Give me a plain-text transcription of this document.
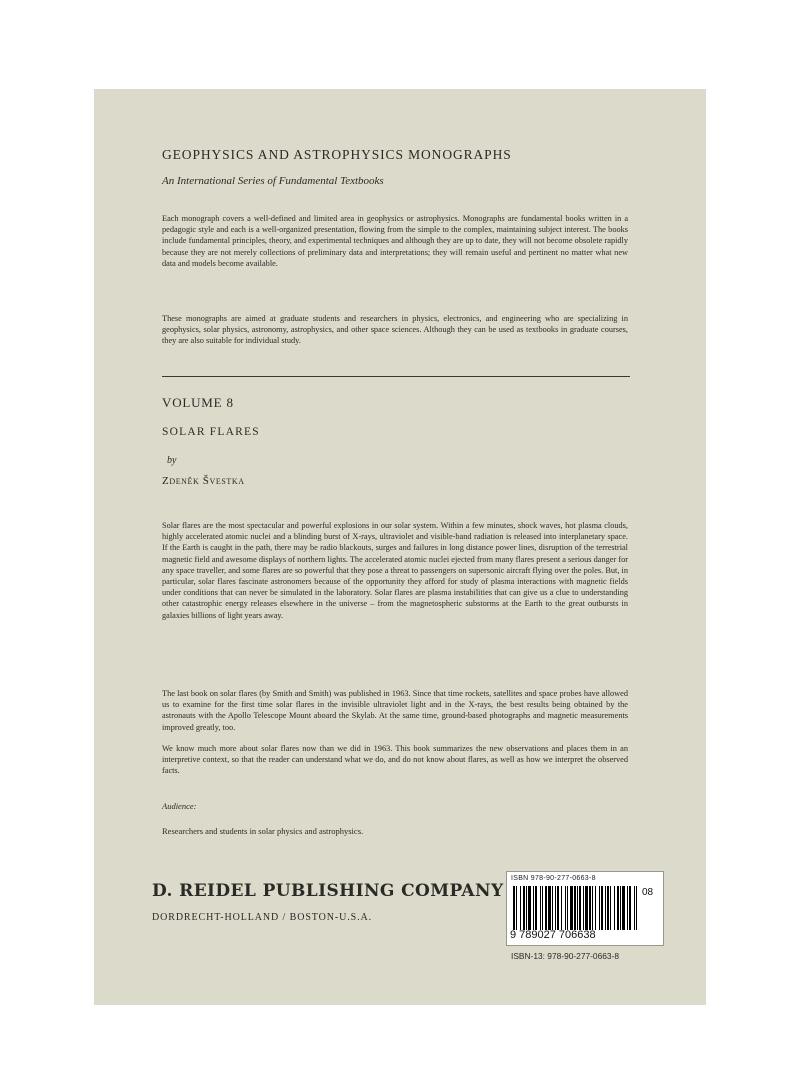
GEOPHYSICS AND ASTROPHYSICS MONOGRAPHS
An International Series of Fundamental Textbooks

Each monograph covers a well-defined and limited area in geophysics or astrophysics. Monographs are fundamental books written in a pedagogic style and each is a well-organized presentation, flowing from the simple to the complex, maintaining subject interest. The books include fundamental principles, theory, and experimental techniques and although they are up to date, they will not become obsolete rapidly because they are not merely collections of preliminary data and interpretations; they will remain useful and pertinent no matter what new data and models become available.

These monographs are aimed at graduate students and researchers in physics, electronics, and engineering who are specializing in geophysics, solar physics, astronomy, astrophysics, and other space sciences. Although they can be used as textbooks in graduate courses, they are also suitable for individual study.

VOLUME 8
SOLAR FLARES
by
Zdeněk Švestka

Solar flares are the most spectacular and powerful explosions in our solar system. Within a few minutes, shock waves, hot plasma clouds, highly accelerated atomic nuclei and a blinding burst of X-rays, ultraviolet and visible-band radiation is released into interplanetary space. If the Earth is caught in the path, there may be radio blackouts, surges and failures in long distance power lines, disruption of the terrestrial magnetic field and awesome displays of northern lights. The accelerated atomic nuclei ejected from many flares present a serious danger for any space traveller, and some flares are so powerful that they pose a threat to passengers on supersonic aircraft flying over the poles. But, in particular, solar flares fascinate astronomers because of the opportunity they afford for study of plasma interactions with magnetic fields under conditions that can never be simulated in the laboratory. Solar flares are plasma instabilities that can give us a clue to understanding other catastrophic energy releases elsewhere in the universe – from the magnetospheric substorms at the Earth to the great outbursts in galaxies billions of light years away.

The last book on solar flares (by Smith and Smith) was published in 1963. Since that time rockets, satellites and space probes have allowed us to examine for the first time solar flares in the invisible ultraviolet light and in the X-rays, the best results being obtained by the astronauts with the Apollo Telescope Mount aboard the Skylab. At the same time, ground-based photographs and magnetic measurements improved greatly, too.

We know much more about solar flares now than we did in 1963. This book summarizes the new observations and places them in an interpretive context, so that the reader can understand what we do, and do not know about flares, as well as how we interpret the observed facts.

Audience:
Researchers and students in solar physics and astrophysics.
D. REIDEL PUBLISHING COMPANY
DORDRECHT-HOLLAND / BOSTON-U.S.A.
ISBN 978-90-277-0663-8
08
9 789027 706638
ISBN-13: 978-90-277-0663-8
